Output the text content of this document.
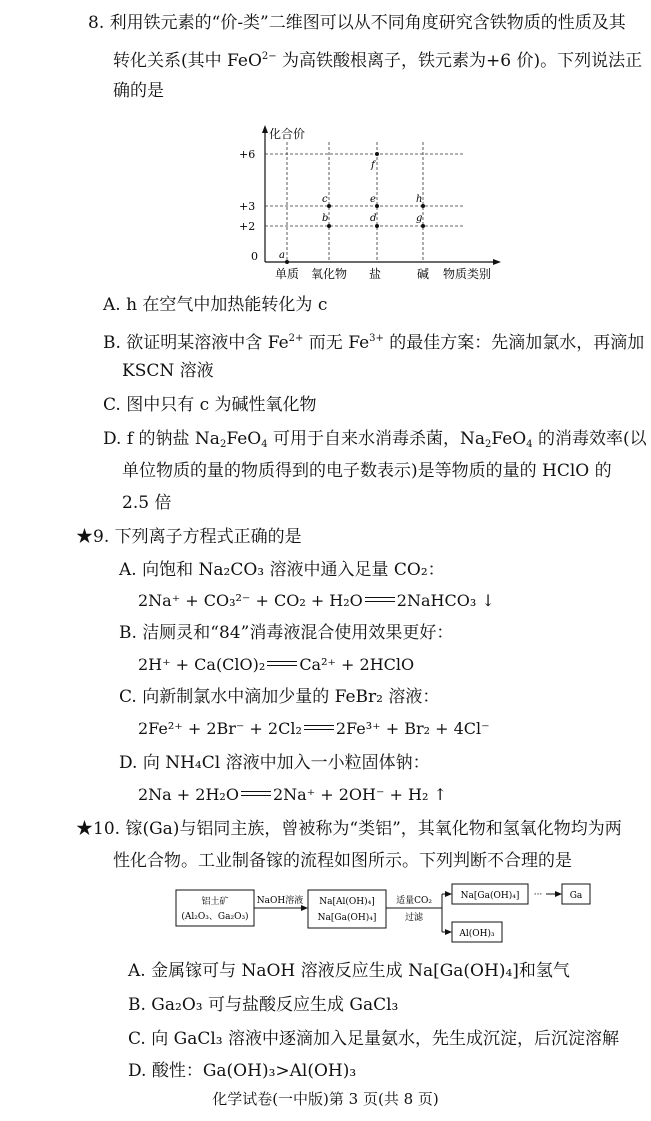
8. 利用铁元素的“价-类”二维图可以从不同角度研究含铁物质的性质及其
转化关系(其中 FeO$^{2-}$ 为高铁酸根离子，铁元素为+6 价)。下列说法正
确的是
化合价
+6
+3
+2
0 a
b
c
d
e
f
g
h
单质 氧化物 盐	碱 物质类别
A. h 在空气中加热能转化为 c
B. 欲证明某溶液中含 $Fe^{2+}$ 而无 $Fe^{3+}$ 的最佳方案：先滴加氯水，再滴加
KSCN 溶液
C. 图中只有 c 为碱性氧化物
D. f 的钠盐 $Na_2FeO_4$ 可用于自来水消毒杀菌，$Na_2FeO_4$ 的消毒效率(以
单位物质的量的物质得到的电子数表示)是等物质的量的 HClO 的
2.5 倍
★9. 下列离子方程式正确的是
A. 向饱和 Na₂CO₃ 溶液中通入足量 CO₂：
2Na⁺ + CO₃²⁻ + CO₂ + H₂O 2NaHCO₃ ↓
B. 洁厕灵和“84”消毒液混合使用效果更好：
2H⁺ + Ca(ClO)₂ Ca²⁺ + 2HClO
C. 向新制氯水中滴加少量的 FeBr₂ 溶液：
2Fe²⁺ + 2Br⁻ + 2Cl₂ 2Fe³⁺ + Br₂ + 4Cl⁻
D. 向 NH₄Cl 溶液中加入一小粒固体钠：
2Na + 2H₂O 2Na⁺ + 2OH⁻ + H₂ ↑
★10. 镓(Ga)与铝同主族，曾被称为“类铝”，其氧化物和氢氧化物均为两
性化合物。工业制备镓的流程如图所示。下列判断不合理的是
铝土矿
(Al₂O₃、Ga₂O₃)
NaOH溶液 Na[Al(OH)₄]
Na[Ga(OH)₄]
适量CO₂
过滤
Na[Ga(OH)₄] ···	Ga
Al(OH)₃
A. 金属镓可与 NaOH 溶液反应生成 Na[Ga(OH)₄]和氢气
B. Ga₂O₃ 可与盐酸反应生成 GaCl₃
C. 向 GaCl₃ 溶液中逐滴加入足量氨水，先生成沉淀，后沉淀溶解
D. 酸性：Ga(OH)₃>Al(OH)₃
化学试卷(一中版)第 3 页(共 8 页)
